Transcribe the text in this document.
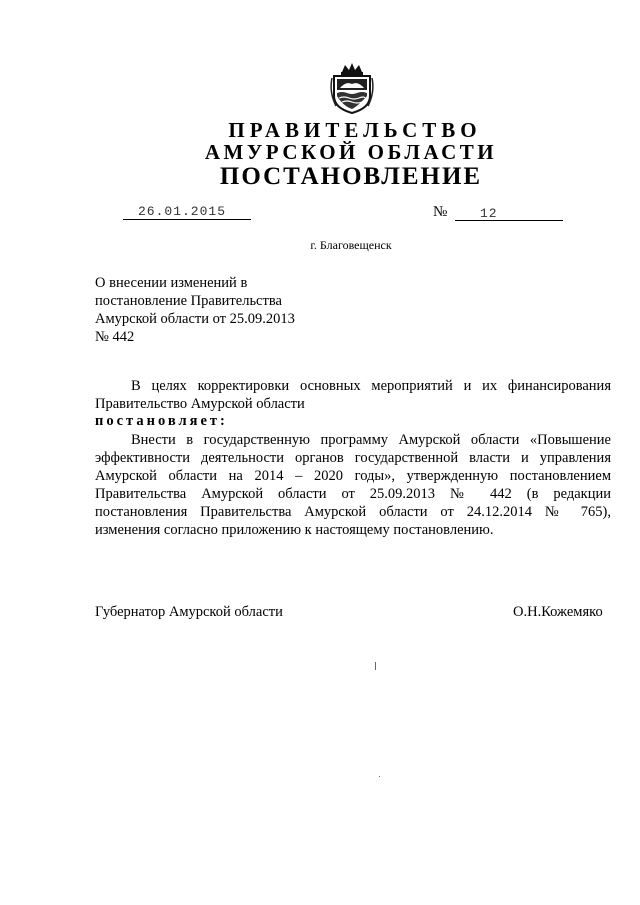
ПРАВИТЕЛЬСТВО
АМУРСКОЙ ОБЛАСТИ
ПОСТАНОВЛЕНИЕ
26.01.2015	№	12
г. Благовещенск
О внесении изменений в
постановление Правительства
Амурской области от 25.09.2013
№ 442
В целях корректировки основных мероприятий и их финансирования
Правительство Амурской области
постановляет:
Внести в государственную программу Амурской области «Повышение
эффективности деятельности органов государственной власти и управления
Амурской области на 2014 – 2020 годы», утвержденную постановлением
Правительства Амурской области от 25.09.2013 № 442 (в редакции
постановления Правительства Амурской области от 24.12.2014 № 765),
изменения согласно приложению к настоящему постановлению.
Губернатор Амурской области	О.Н.Кожемяко
